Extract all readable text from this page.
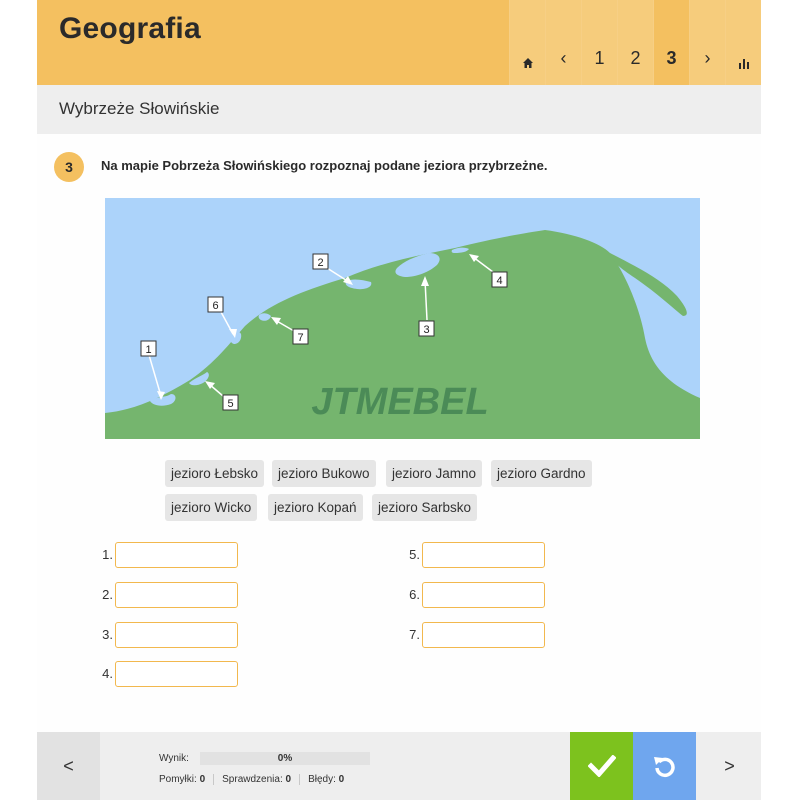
Geografia
‹	1	2	3	›
Wybrzeże Słowińskie
3	Na mapie Pobrzeża Słowińskiego rozpoznaj podane jeziora przybrzeżne.
JTMEBEL
1
2
3
4
5
6
7
jezioro Łebsko	jezioro Bukowo	jezioro Jamno	jezioro Gardno
jezioro Wicko	jezioro Kopań	jezioro Sarbsko
1.
2.
3.
4.
5.
6.
7.
<	Wynik:	0%
Pomyłki: 0	Sprawdzenia: 0	Błędy: 0
>
